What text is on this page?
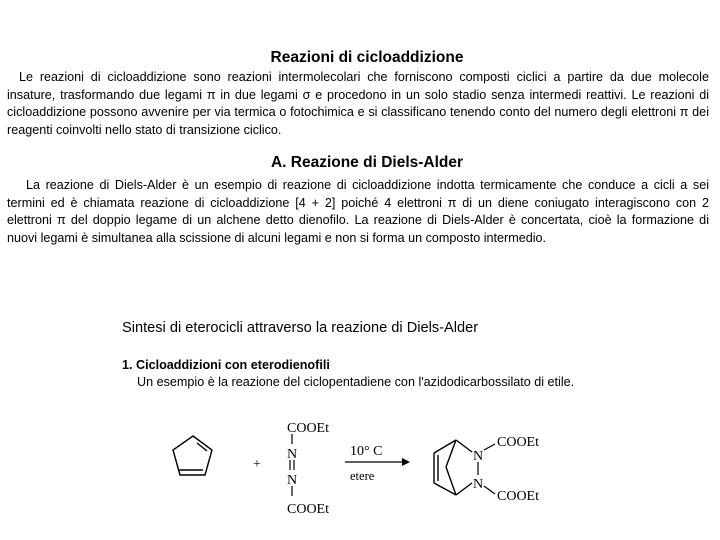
Reazioni di cicloaddizione

Le reazioni di cicloaddizione sono reazioni intermolecolari che forniscono composti ciclici a partire da due molecole insature, trasformando due legami π in due legami σ e procedono in un solo stadio senza intermedi reattivi. Le reazioni di cicloaddizione possono avvenire per via termica o fotochimica e si classificano tenendo conto del numero degli elettroni π dei reagenti coinvolti nello stato di transizione ciclico.

A. Reazione di Diels-Alder

La reazione di Diels-Alder è un esempio di reazione di cicloaddizione indotta termicamente che conduce a cicli a sei termini ed è chiamata reazione di cicloaddizione [4 + 2] poiché 4 elettroni π di un diene coniugato interagiscono con 2 elettroni π del doppio legame di un alchene detto dienofilo. La reazione di Diels-Alder è concertata, cioè la formazione di nuovi legami è simultanea alla scissione di alcuni legami e non si forma un composto intermedio.

Sintesi di eterocicli attraverso la reazione di Diels-Alder
1. Cicloaddizioni con eterodienofili
Un esempio è la reazione del ciclopentadiene con l'azidodicarbossilato di etile.
+
COOEt
N
N
COOEt
10° C
etere
N
N
COOEt
COOEt
